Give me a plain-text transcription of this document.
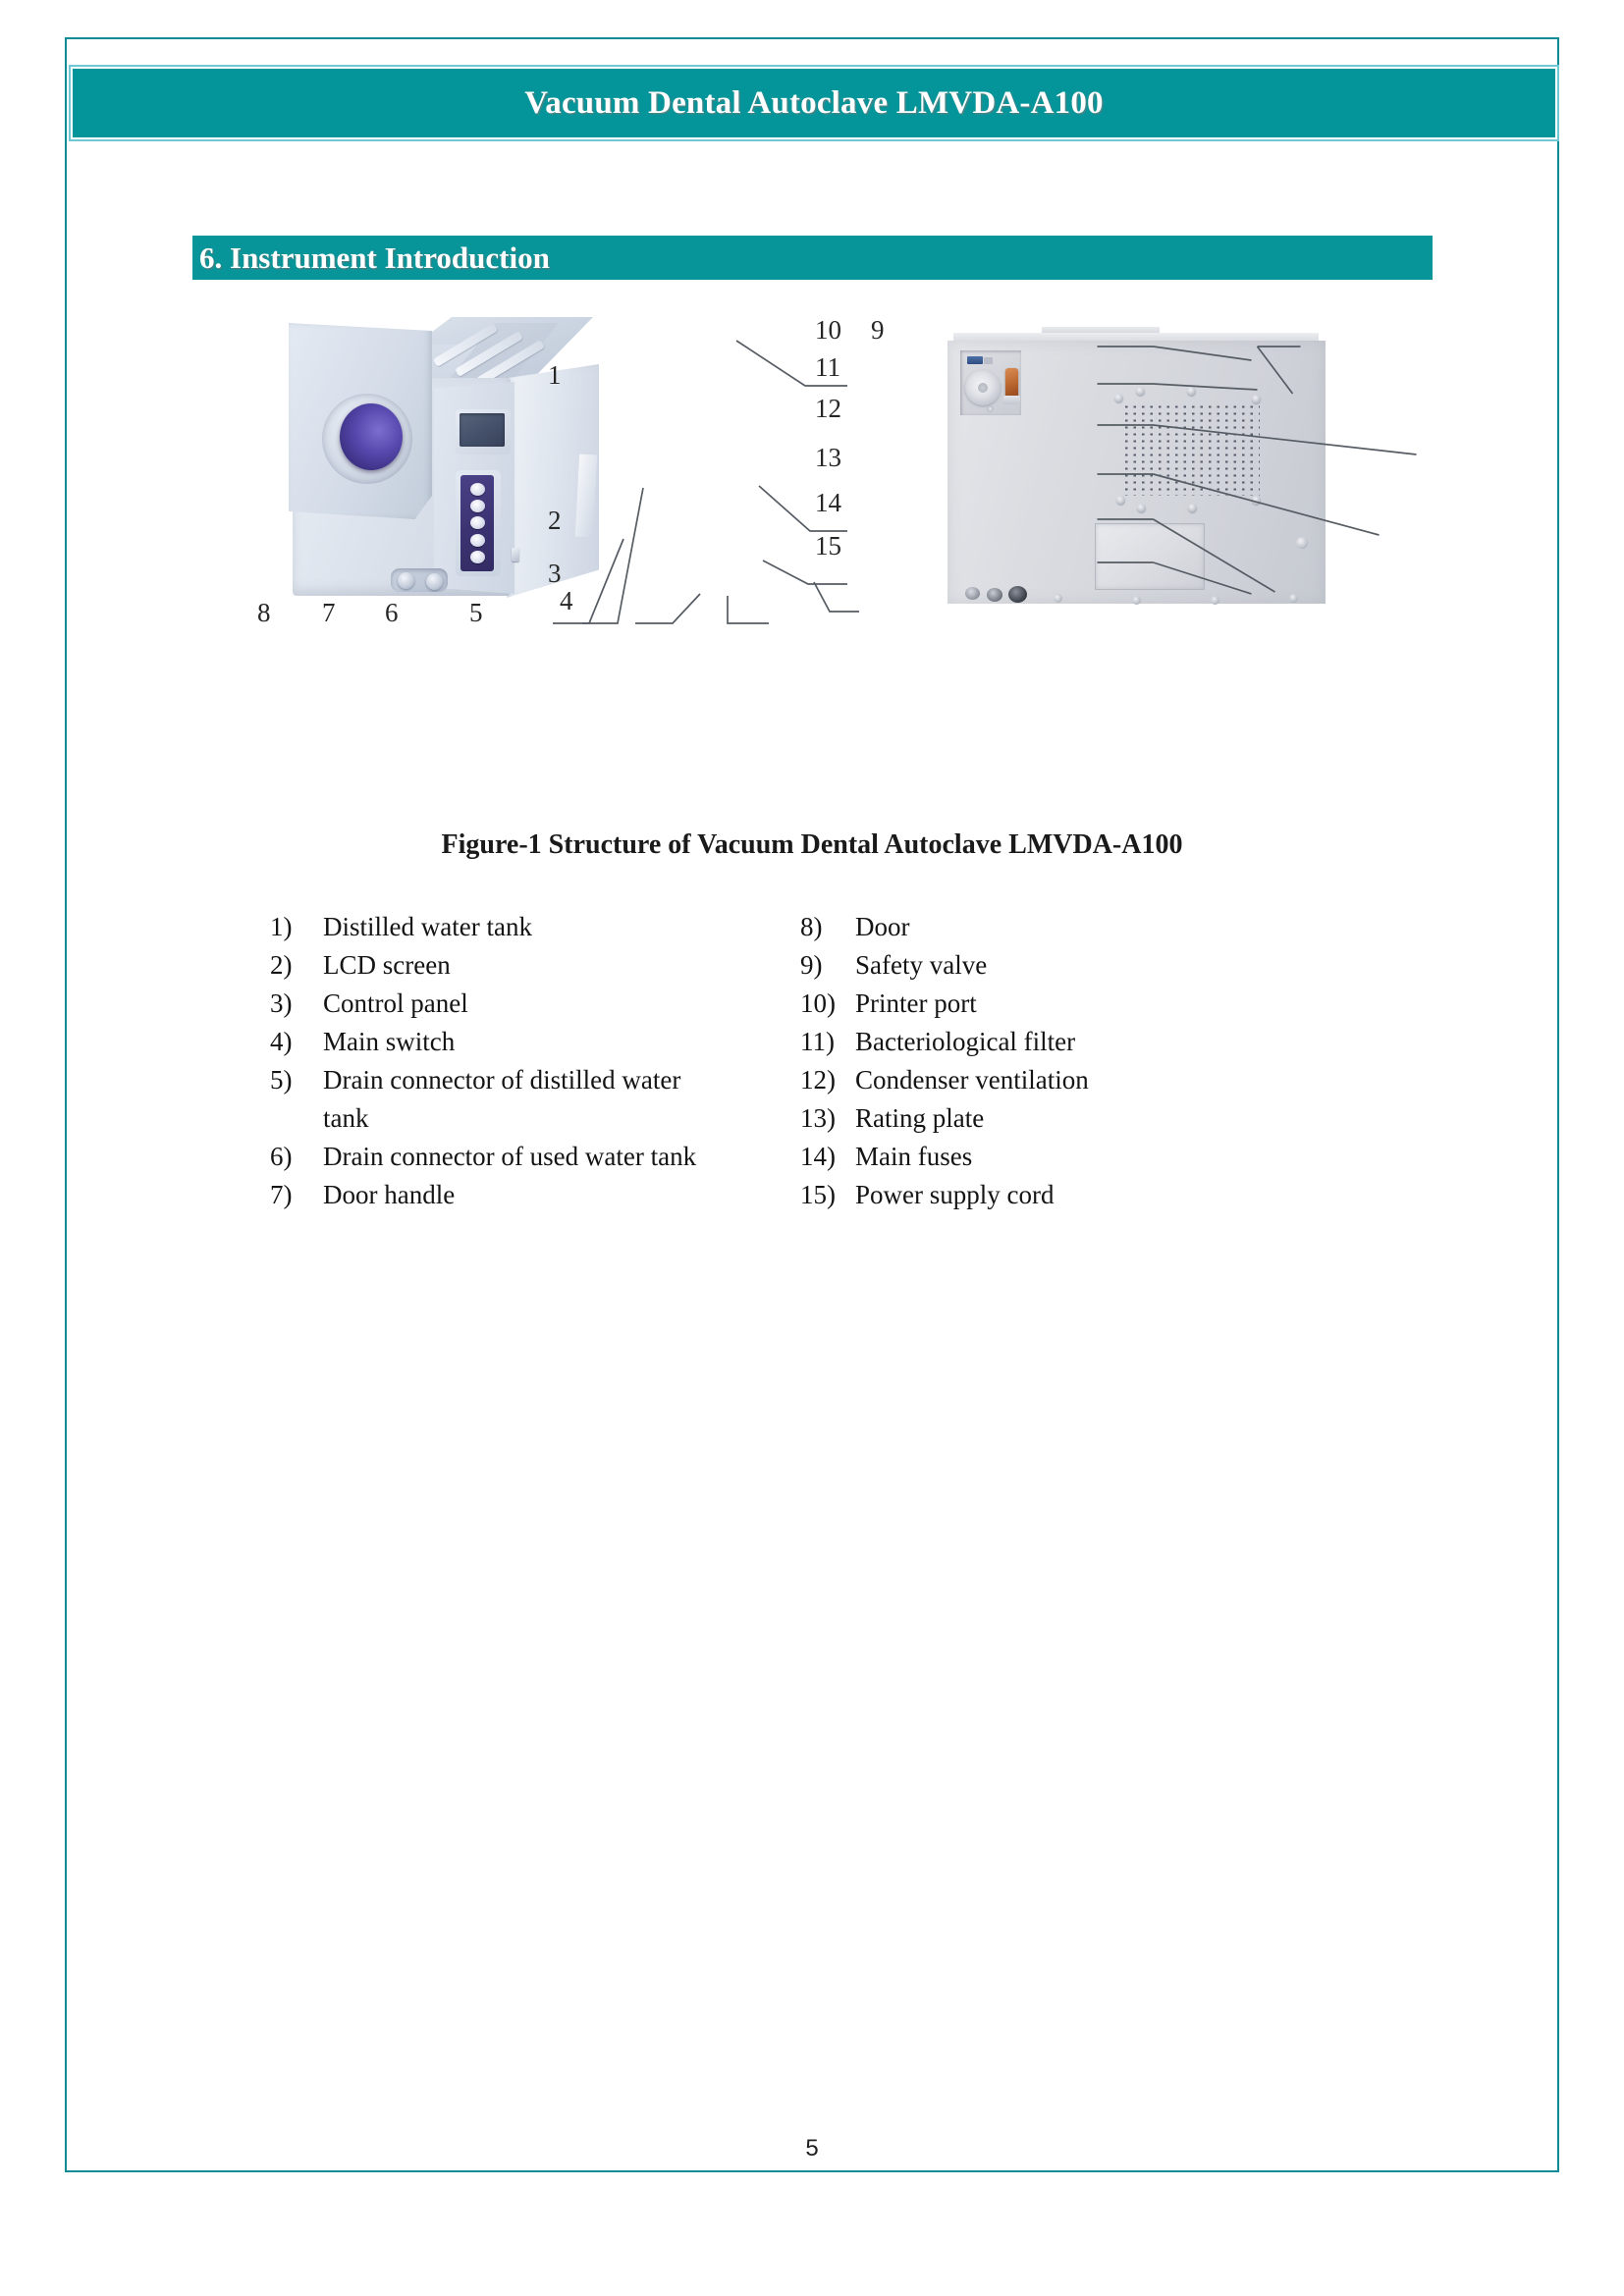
Vacuum Dental Autoclave LMVDA-A100
6. Instrument Introduction
1
2
3
4
5
6
7
8
9
10
11
12
13
14
15
Figure-1 Structure of Vacuum Dental Autoclave LMVDA-A100
1)	Distilled water tank
2)	LCD screen
3)	Control panel
4)	Main switch
5)	Drain connector of distilled water tank
6)	Drain connector of used water tank
7)	Door handle
8)	Door
9)	Safety valve
10) Printer port
11) Bacteriological filter
12) Condenser ventilation
13) Rating plate
14) Main fuses
15) Power supply cord
5
